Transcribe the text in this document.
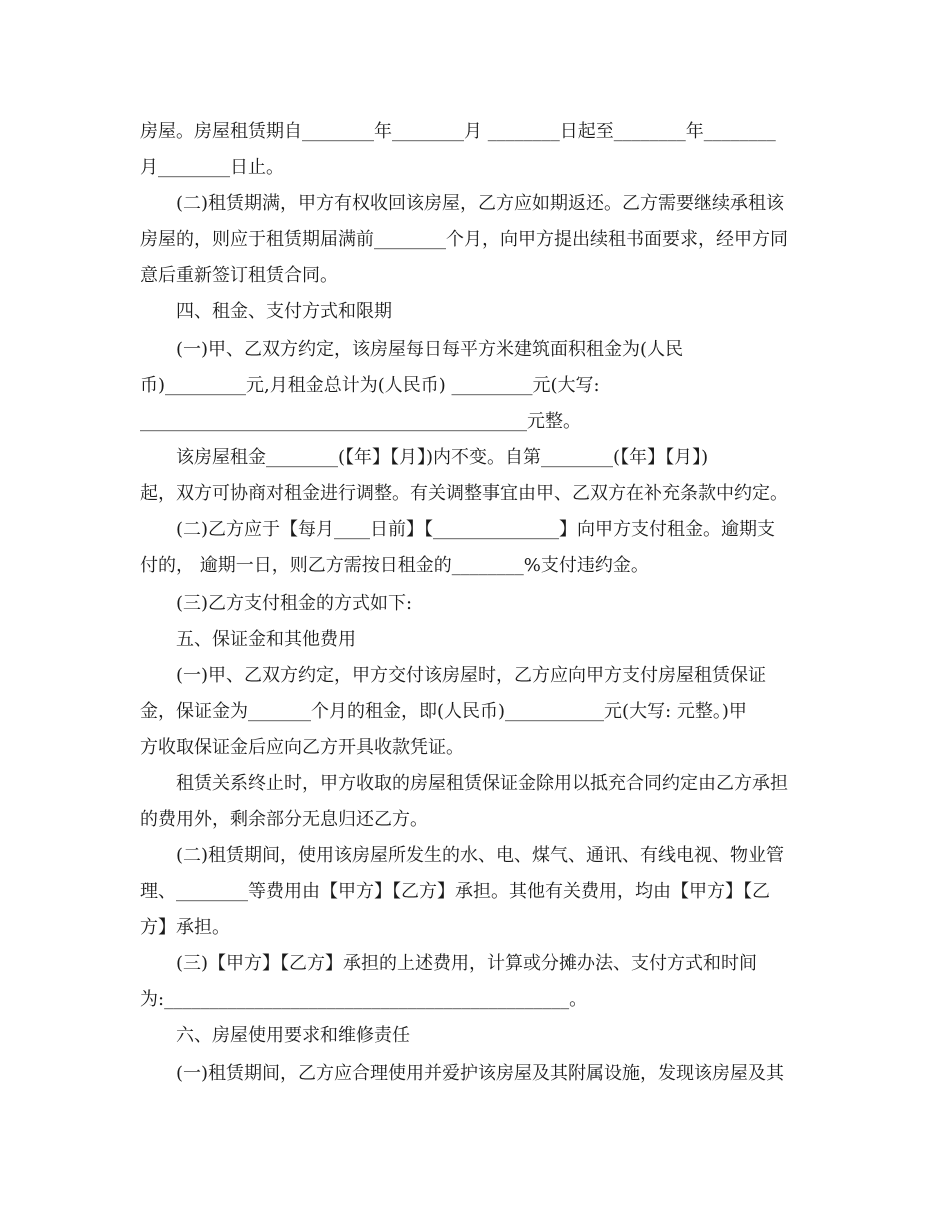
房屋。房屋租赁期自________年________月 ________日起至________年________

月________日止。

(二)租赁期满，甲方有权收回该房屋，乙方应如期返还。乙方需要继续承租该

房屋的，则应于租赁期届满前________个月，向甲方提出续租书面要求，经甲方同

意后重新签订租赁合同。

四、租金、支付方式和限期

(一)甲、乙双方约定，该房屋每日每平方米建筑面积租金为(人民

币)_________元,月租金总计为(人民币) _________元(大写:

___________________________________________元整。

该房屋租金________(【年】【月】)内不变。自第________(【年】【月】)

起，双方可协商对租金进行调整。有关调整事宜由甲、乙双方在补充条款中约定。

(二)乙方应于【每月____日前】【______________】向甲方支付租金。逾期支

付的， 逾期一日，则乙方需按日租金的________%支付违约金。

(三)乙方支付租金的方式如下:

五、保证金和其他费用

(一)甲、乙双方约定，甲方交付该房屋时，乙方应向甲方支付房屋租赁保证

金，保证金为_______个月的租金，即(人民币)___________元(大写: 元整。)甲

方收取保证金后应向乙方开具收款凭证。

租赁关系终止时，甲方收取的房屋租赁保证金除用以抵充合同约定由乙方承担

的费用外，剩余部分无息归还乙方。

(二)租赁期间，使用该房屋所发生的水、电、煤气、通讯、有线电视、物业管

理、________等费用由【甲方】【乙方】承担。其他有关费用，均由【甲方】【乙

方】承担。

(三)【甲方】【乙方】承担的上述费用，计算或分摊办法、支付方式和时间

为:_____________________________________________。

六、房屋使用要求和维修责任

(一)租赁期间，乙方应合理使用并爱护该房屋及其附属设施，发现该房屋及其
